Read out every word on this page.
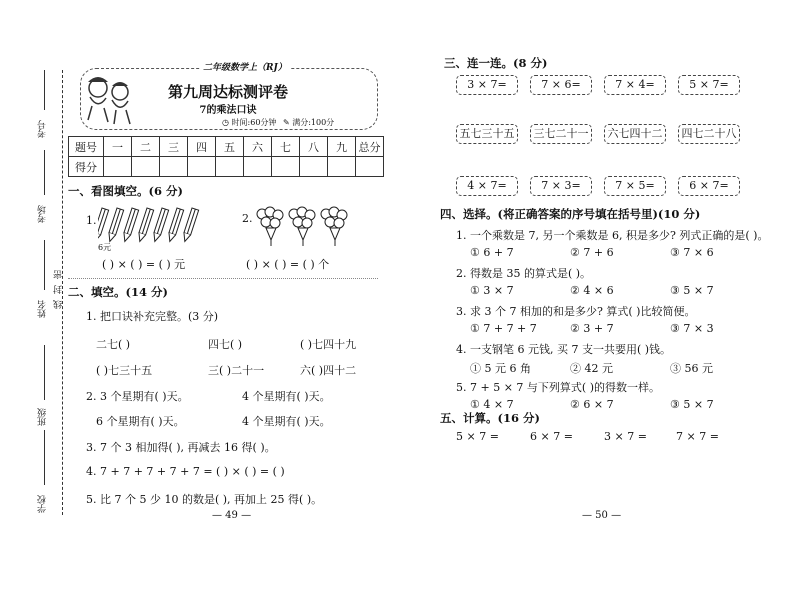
考号
考场
姓名
密
封
线
班级
学校
二年级数学上（RJ）
第九周达标测评卷
7的乘法口诀
◷ 时间:60分钟 ✎ 满分:100分
题号	一	二	三	四	五	六	七	八	九	总分
得分										
一、看图填空。(6 分)
1.
6元
2.
( ) × ( ) = ( ) 元	( ) × ( ) = ( ) 个
二、填空。(14 分)
1. 把口诀补充完整。(3 分)
二七( )	四七( )	( )七四十九
( )七三十五	三( )二十一	六( )四十二
2. 3 个星期有( )天。	4 个星期有( )天。
6 个星期有( )天。	4 个星期有( )天。
3. 7 个 3 相加得( ), 再减去 16 得( )。
4. 7 + 7 + 7 + 7 + 7 = ( ) × ( ) = ( )
5. 比 7 个 5 少 10 的数是( ), 再加上 25 得( )。
— 49 —
三、连一连。(8 分)
3 × 7=	7 × 6=	7 × 4=	5 × 7=
五七三十五	三七二十一	六七四十二	四七二十八
4 × 7=	7 × 3=	7 × 5=	6 × 7=
四、选择。(将正确答案的序号填在括号里)(10 分)
1. 一个乘数是 7, 另一个乘数是 6, 积是多少? 列式正确的是( )。
① 6 + 7	② 7 + 6	③ 7 × 6
2. 得数是 35 的算式是( )。
① 3 × 7	② 4 × 6	③ 5 × 7
3. 求 3 个 7 相加的和是多少? 算式( )比较简便。
① 7 + 7 + 7	② 3 + 7	③ 7 × 3
4. 一支钢笔 6 元钱, 买 7 支一共要用( )钱。
① 5 元 6 角	② 42 元	③ 56 元
5. 7 + 5 × 7 与下列算式( )的得数一样。
① 4 × 7	② 6 × 7	③ 5 × 7
五、计算。(16 分)
5 × 7 =	6 × 7 =	3 × 7 =	7 × 7 =
— 50 —
